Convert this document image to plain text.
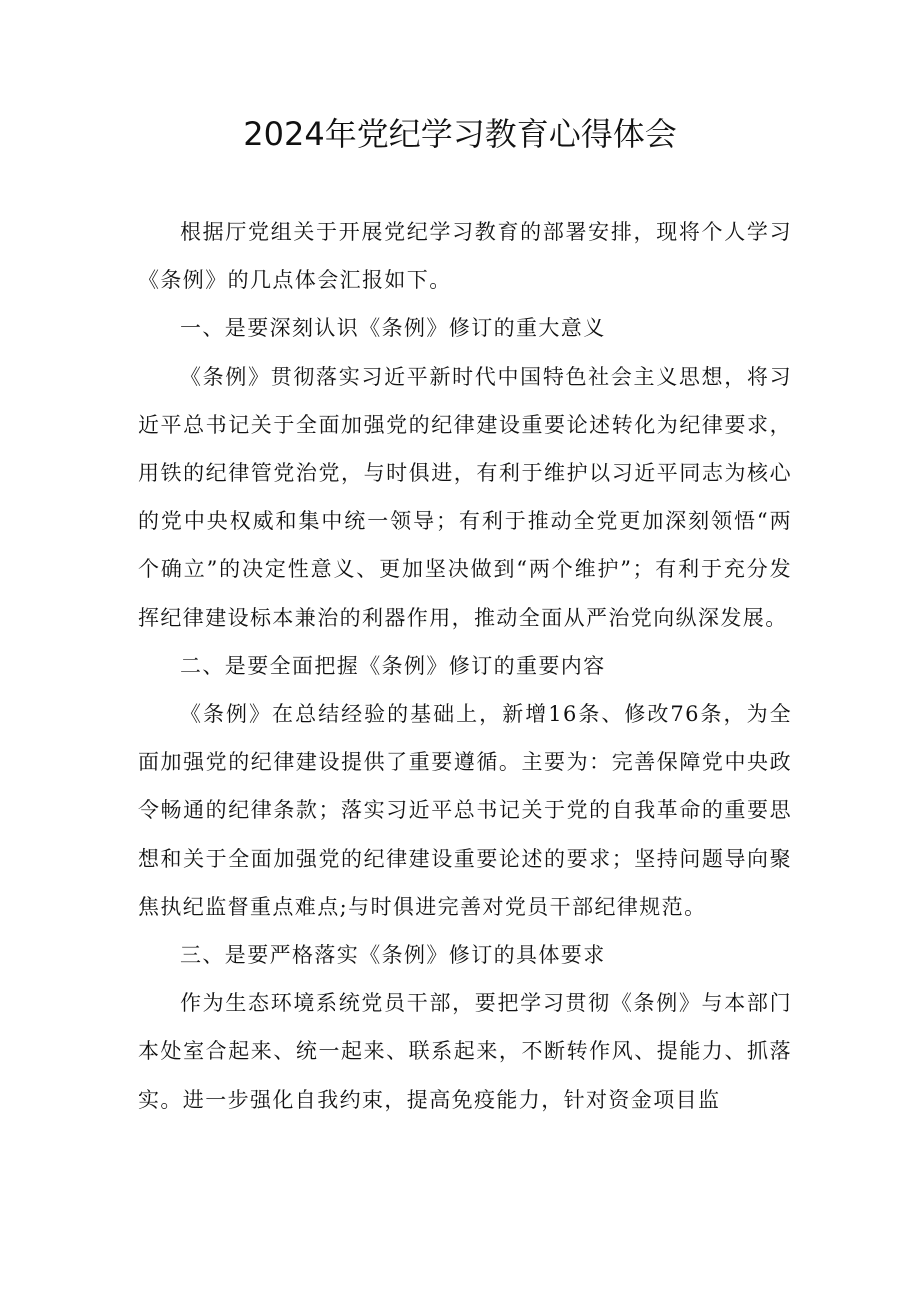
2024年党纪学习教育心得体会

根据厅党组关于开展党纪学习教育的部署安排，现将个人学习《条例》的几点体会汇报如下。

一、是要深刻认识《条例》修订的重大意义

《条例》贯彻落实习近平新时代中国特色社会主义思想，将习近平总书记关于全面加强党的纪律建设重要论述转化为纪律要求，用铁的纪律管党治党，与时俱进，有利于维护以习近平同志为核心的党中央权威和集中统一领导；有利于推动全党更加深刻领悟“两个确立”的决定性意义、更加坚决做到“两个维护”；有利于充分发挥纪律建设标本兼治的利器作用，推动全面从严治党向纵深发展。

二、是要全面把握《条例》修订的重要内容

《条例》在总结经验的基础上，新增16条、修改76条，为全面加强党的纪律建设提供了重要遵循。主要为：完善保障党中央政令畅通的纪律条款；落实习近平总书记关于党的自我革命的重要思想和关于全面加强党的纪律建设重要论述的要求；坚持问题导向聚焦执纪监督重点难点;与时俱进完善对党员干部纪律规范。

三、是要严格落实《条例》修订的具体要求

作为生态环境系统党员干部，要把学习贯彻《条例》与本部门本处室合起来、统一起来、联系起来，不断转作风、提能力、抓落实。进一步强化自我约束，提高免疫能力，针对资金项目监
